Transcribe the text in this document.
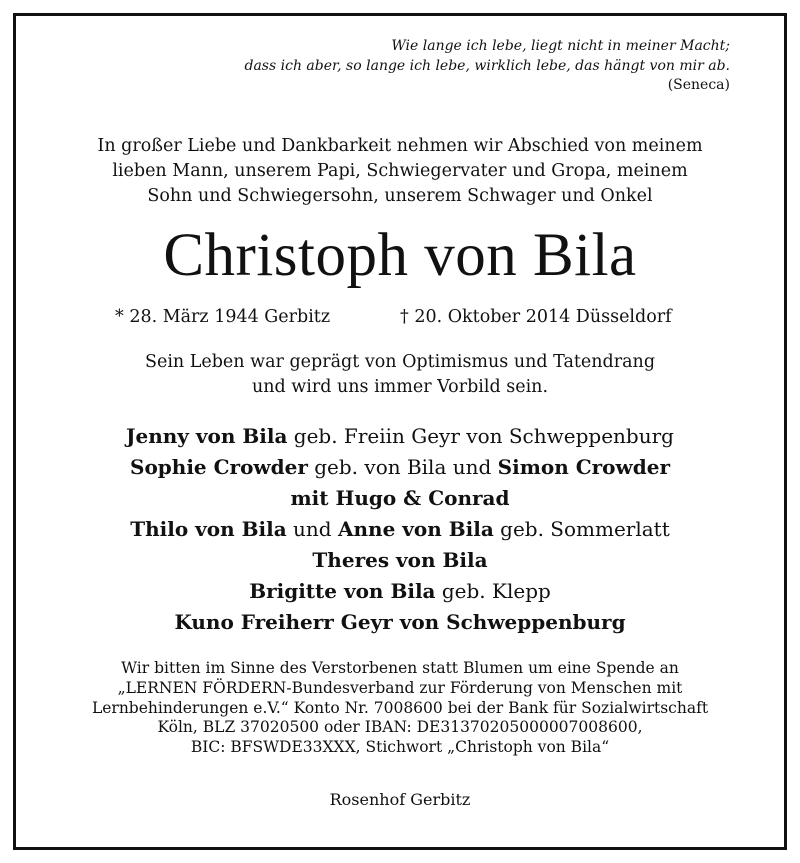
Wie lange ich lebe, liegt nicht in meiner Macht;
dass ich aber, so lange ich lebe, wirklich lebe, das hängt von mir ab.
(Seneca)
In großer Liebe und Dankbarkeit nehmen wir Abschied von meinem
lieben Mann, unserem Papi, Schwiegervater und Gropa, meinem
Sohn und Schwiegersohn, unserem Schwager und Onkel
Christoph von Bila
* 28. März 1944 Gerbitz	† 20. Oktober 2014 Düsseldorf
Sein Leben war geprägt von Optimismus und Tatendrang
und wird uns immer Vorbild sein.
Jenny von Bila geb. Freiin Geyr von Schweppenburg
Sophie Crowder geb. von Bila und Simon Crowder
mit Hugo & Conrad
Thilo von Bila und Anne von Bila geb. Sommerlatt
Theres von Bila
Brigitte von Bila geb. Klepp
Kuno Freiherr Geyr von Schweppenburg
Wir bitten im Sinne des Verstorbenen statt Blumen um eine Spende an
„LERNEN FÖRDERN-Bundesverband zur Förderung von Menschen mit
Lernbehinderungen e.V.“ Konto Nr. 7008600 bei der Bank für Sozialwirtschaft
Köln, BLZ 37020500 oder IBAN: DE31370205000007008600,
BIC: BFSWDE33XXX, Stichwort „Christoph von Bila“
Rosenhof Gerbitz
